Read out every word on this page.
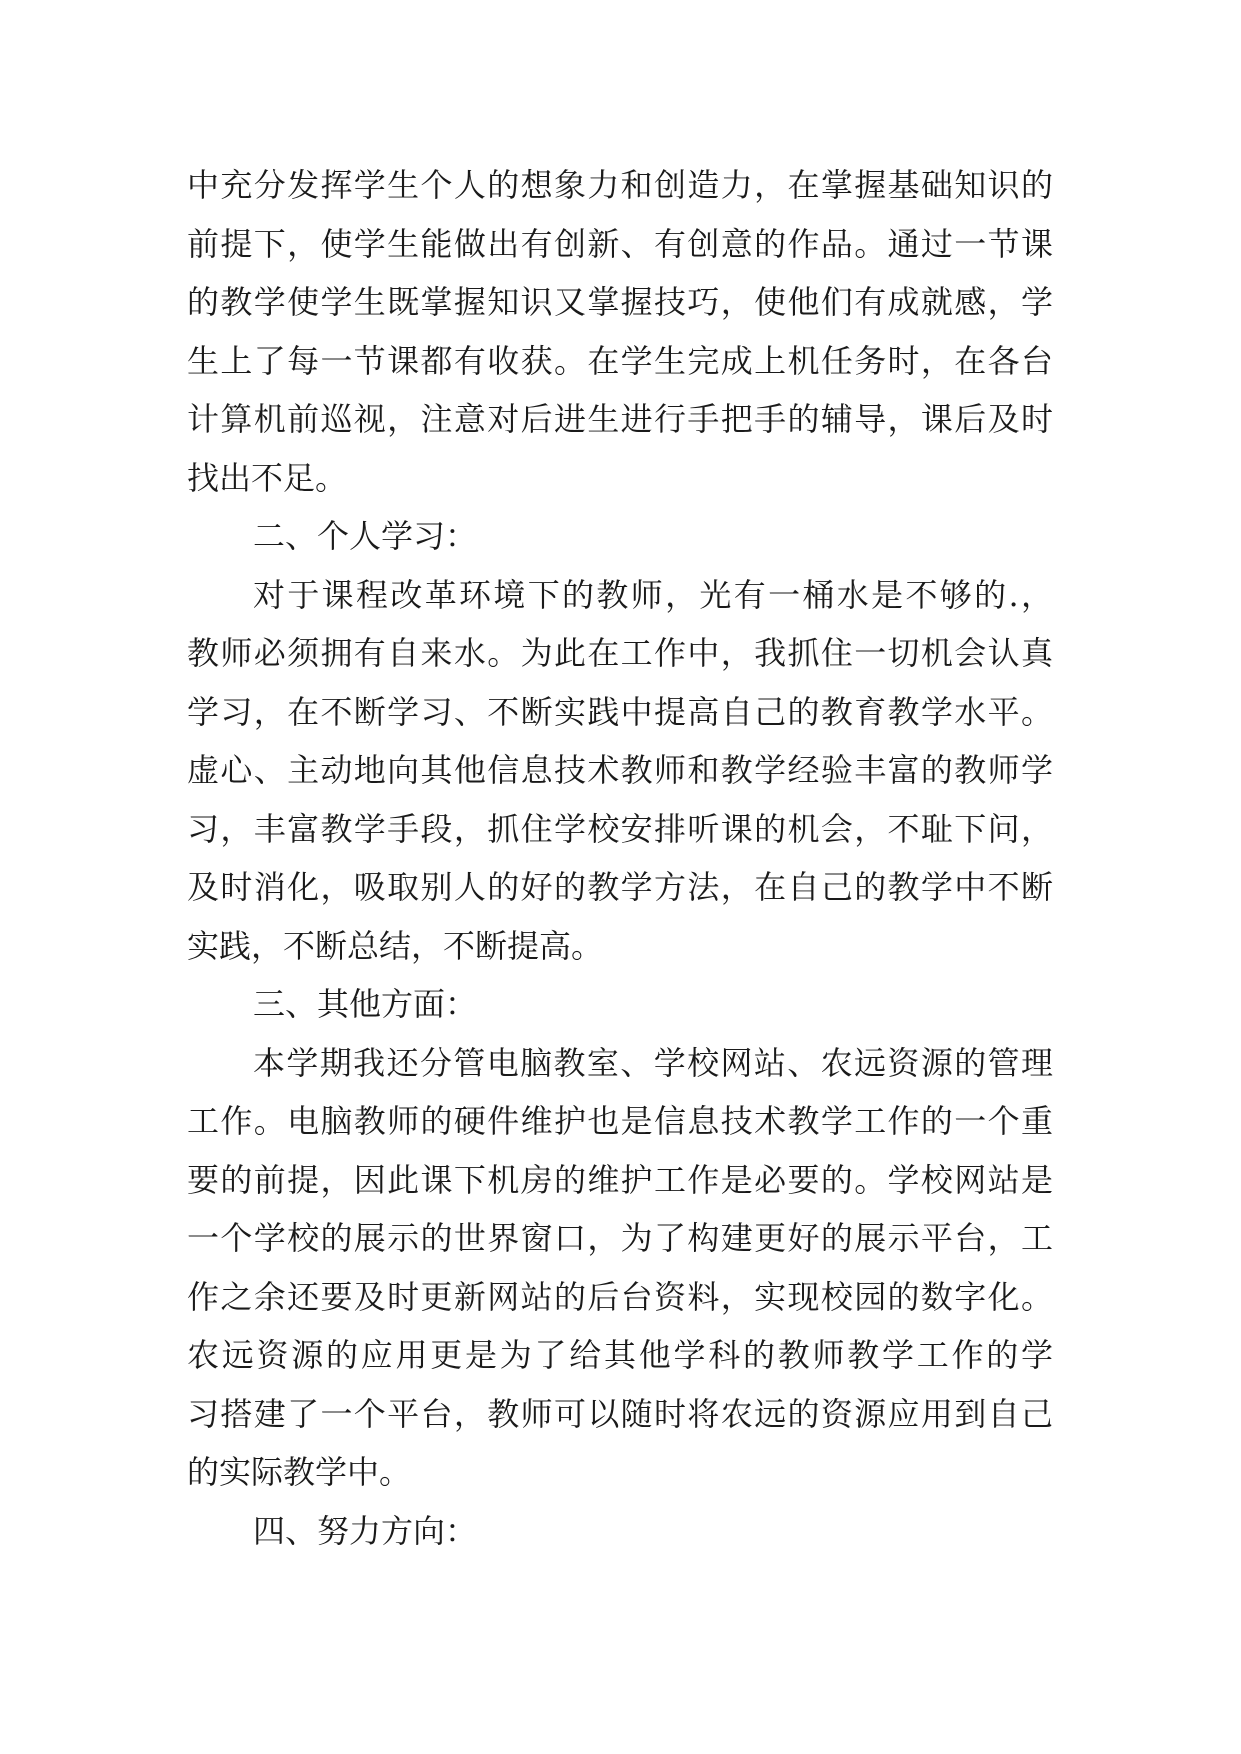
中充分发挥学生个人的想象力和创造力，在掌握基础知识的
前提下，使学生能做出有创新、有创意的作品。通过一节课
的教学使学生既掌握知识又掌握技巧，使他们有成就感，学
生上了每一节课都有收获。在学生完成上机任务时，在各台
计算机前巡视，注意对后进生进行手把手的辅导，课后及时
找出不足。
二、个人学习：
对于课程改革环境下的教师，光有一桶水是不够的.，
教师必须拥有自来水。为此在工作中，我抓住一切机会认真
学习，在不断学习、不断实践中提高自己的教育教学水平。
虚心、主动地向其他信息技术教师和教学经验丰富的教师学
习，丰富教学手段，抓住学校安排听课的机会，不耻下问，
及时消化，吸取别人的好的教学方法，在自己的教学中不断
实践，不断总结，不断提高。
三、其他方面：
本学期我还分管电脑教室、学校网站、农远资源的管理
工作。电脑教师的硬件维护也是信息技术教学工作的一个重
要的前提，因此课下机房的维护工作是必要的。学校网站是
一个学校的展示的世界窗口，为了构建更好的展示平台，工
作之余还要及时更新网站的后台资料，实现校园的数字化。
农远资源的应用更是为了给其他学科的教师教学工作的学
习搭建了一个平台，教师可以随时将农远的资源应用到自己
的实际教学中。
四、努力方向：
